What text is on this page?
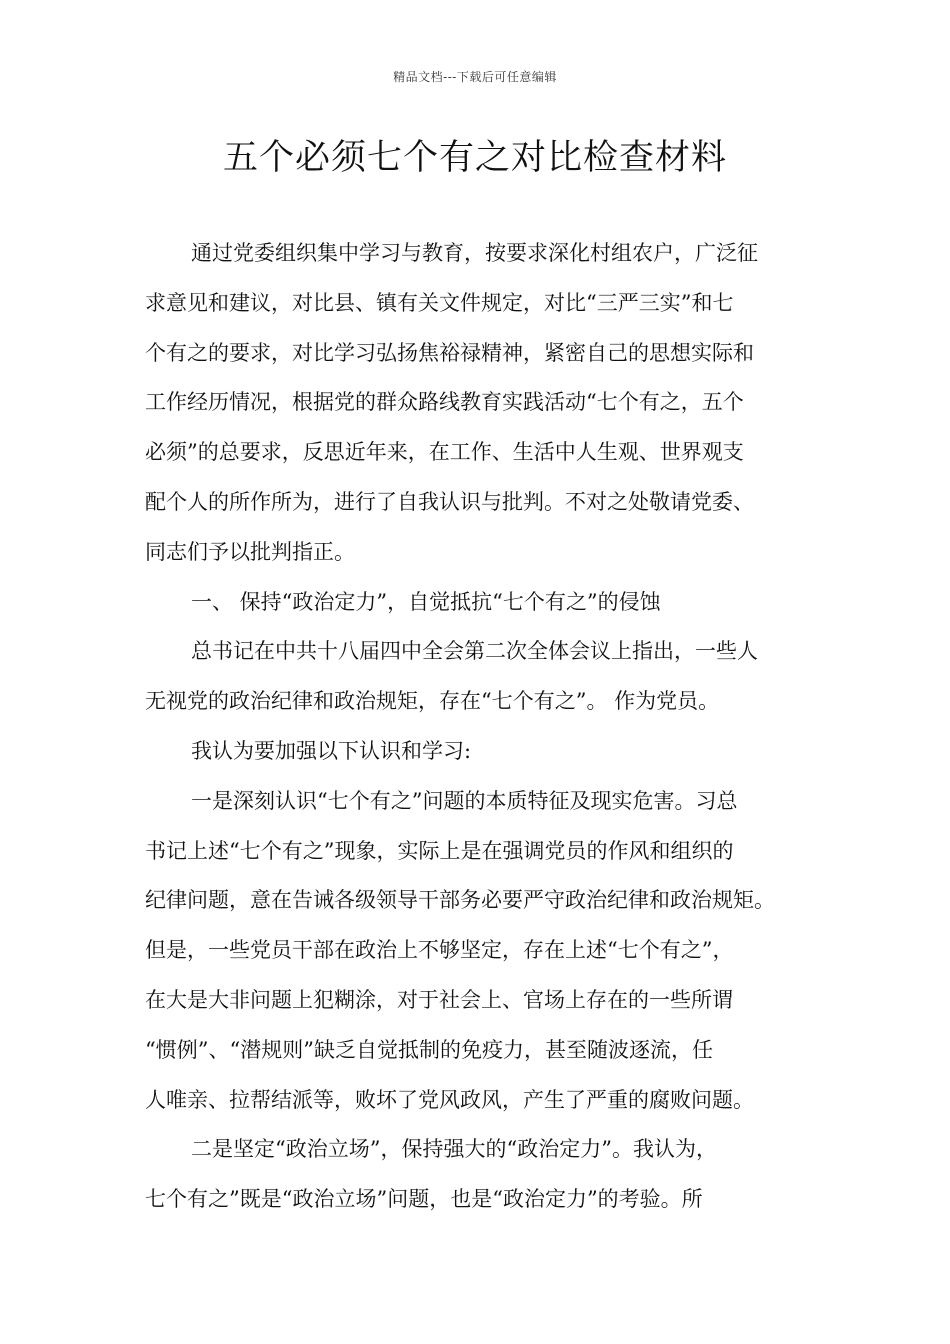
精品文档---下载后可任意编辑
五个必须七个有之对比检查材料
通过党委组织集中学习与教育，按要求深化村组农户，广泛征
求意见和建议，对比县、镇有关文件规定，对比“三严三实”和七
个有之的要求，对比学习弘扬焦裕禄精神，紧密自己的思想实际和
工作经历情况，根据党的群众路线教育实践活动“七个有之，五个
必须”的总要求，反思近年来，在工作、生活中人生观、世界观支
配个人的所作所为，进行了自我认识与批判。不对之处敬请党委、
同志们予以批判指正。
一、 保持“政治定力”，自觉抵抗“七个有之”的侵蚀
总书记在中共十八届四中全会第二次全体会议上指出，一些人
无视党的政治纪律和政治规矩，存在“七个有之”。 作为党员。
我认为要加强以下认识和学习:
一是深刻认识“七个有之”问题的本质特征及现实危害。习总
书记上述“七个有之”现象，实际上是在强调党员的作风和组织的
纪律问题，意在告诫各级领导干部务必要严守政治纪律和政治规矩。
但是，一些党员干部在政治上不够坚定，存在上述“七个有之”，
在大是大非问题上犯糊涂，对于社会上、官场上存在的一些所谓
“惯例”、“潜规则”缺乏自觉抵制的免疫力，甚至随波逐流，任
人唯亲、拉帮结派等，败坏了党风政风，产生了严重的腐败问题。
二是坚定“政治立场”，保持强大的“政治定力”。我认为，
七个有之”既是“政治立场”问题，也是“政治定力”的考验。所
